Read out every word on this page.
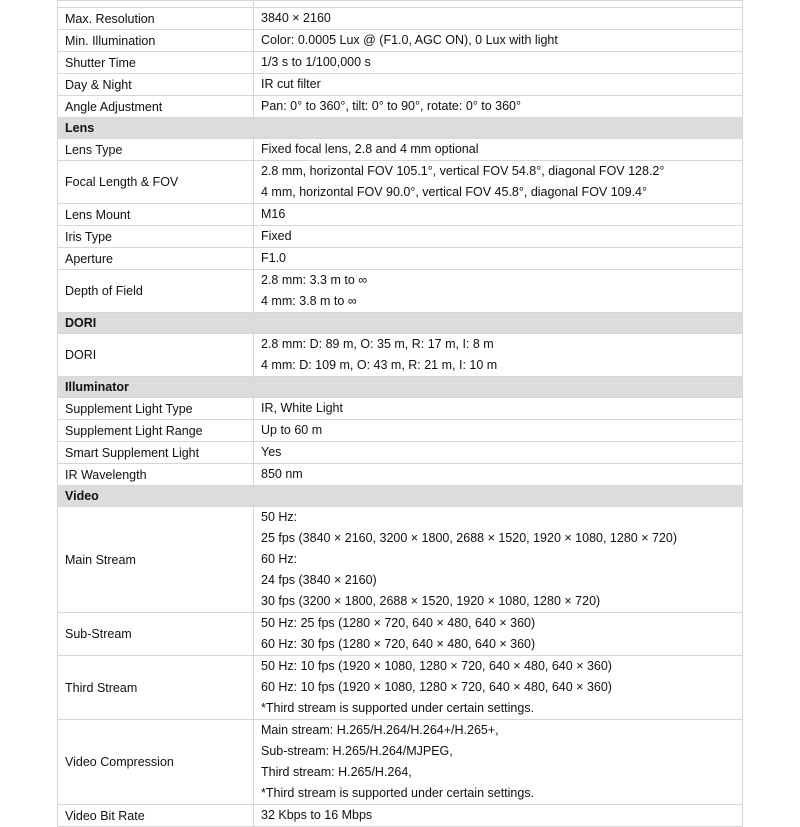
Max. Resolution	3840 × 2160

Min. Illumination	Color: 0.0005 Lux @ (F1.0, AGC ON), 0 Lux with light

Shutter Time	1/3 s to 1/100,000 s

Day & Night	IR cut filter

Angle Adjustment	Pan: 0° to 360°, tilt: 0° to 90°, rotate: 0° to 360°

Lens	
Lens Type	Fixed focal lens, 2.8 and 4 mm optional

Focal Length & FOV	2.8 mm, horizontal FOV 105.1°, vertical FOV 54.8°, diagonal FOV 128.2°
4 mm, horizontal FOV 90.0°, vertical FOV 45.8°, diagonal FOV 109.4°

Lens Mount	M16

Iris Type	Fixed

Aperture	F1.0

Depth of Field	2.8 mm: 3.3 m to ∞
4 mm: 3.8 m to ∞

DORI	
DORI	2.8 mm: D: 89 m, O: 35 m, R: 17 m, I: 8 m
4 mm: D: 109 m, O: 43 m, R: 21 m, I: 10 m

Illuminator	
Supplement Light Type	IR, White Light

Supplement Light Range	Up to 60 m

Smart Supplement Light	Yes

IR Wavelength	850 nm

Video	
Main Stream	50 Hz:
25 fps (3840 × 2160, 3200 × 1800, 2688 × 1520, 1920 × 1080, 1280 × 720)
60 Hz:
24 fps (3840 × 2160)
30 fps (3200 × 1800, 2688 × 1520, 1920 × 1080, 1280 × 720)

Sub-Stream	50 Hz: 25 fps (1280 × 720, 640 × 480, 640 × 360)
60 Hz: 30 fps (1280 × 720, 640 × 480, 640 × 360)

Third Stream	50 Hz: 10 fps (1920 × 1080, 1280 × 720, 640 × 480, 640 × 360)
60 Hz: 10 fps (1920 × 1080, 1280 × 720, 640 × 480, 640 × 360)
*Third stream is supported under certain settings.

Video Compression	Main stream: H.265/H.264/H.264+/H.265+,
Sub-stream: H.265/H.264/MJPEG,
Third stream: H.265/H.264,
*Third stream is supported under certain settings.

Video Bit Rate	32 Kbps to 16 Mbps
